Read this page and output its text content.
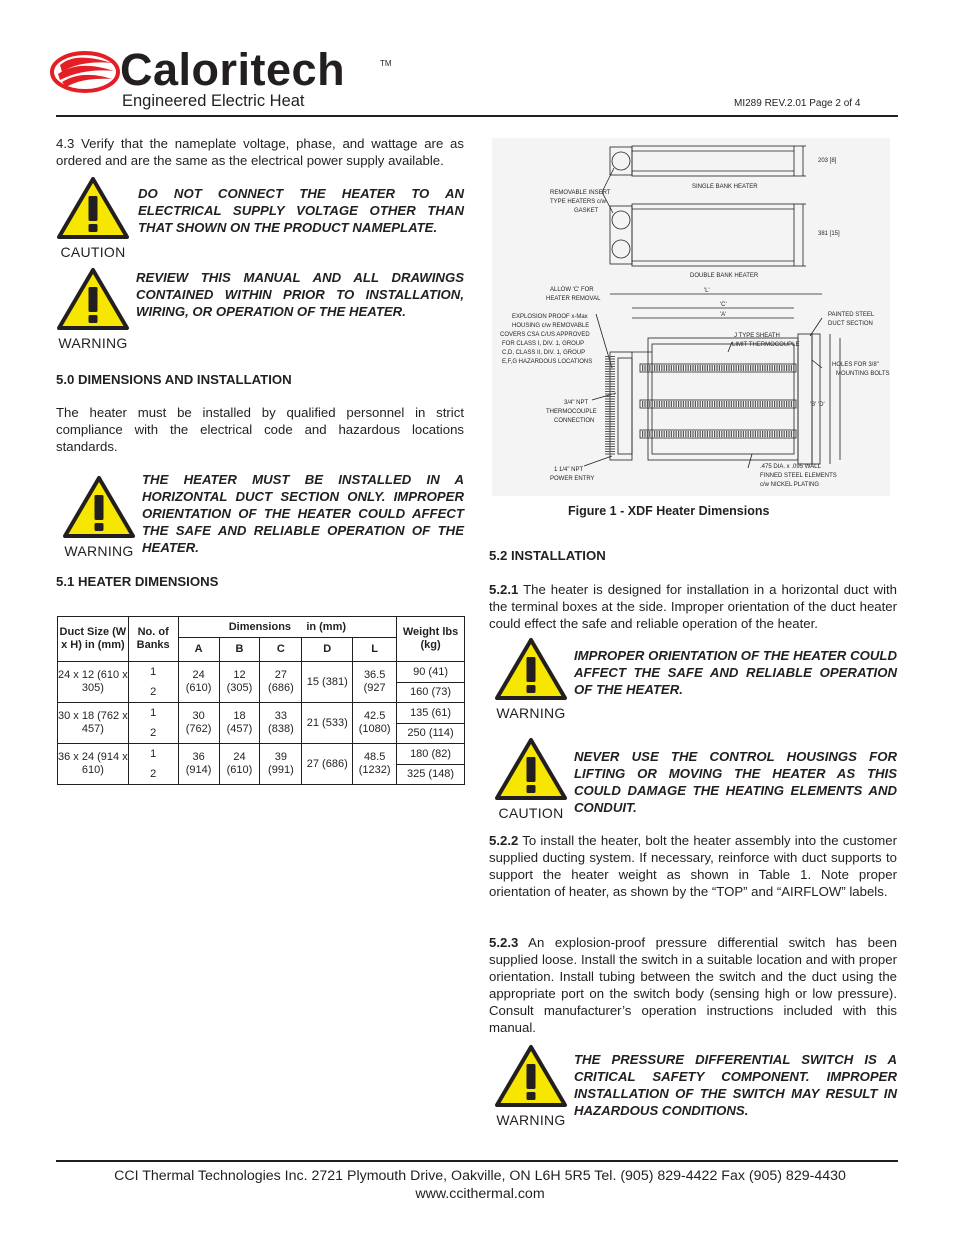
Caloritech	TM
Engineered Electric Heat	MI289 REV.2.01 Page 2 of 4

4.3 Verify that the nameplate voltage, phase, and wattage are as ordered and are the same as the electrical power supply available.

CAUTION

DO NOT CONNECT THE HEATER TO AN ELECTRICAL SUPPLY VOLTAGE OTHER THAN THAT SHOWN ON THE PRODUCT NAMEPLATE.

WARNING

REVIEW THIS MANUAL AND ALL DRAWINGS CONTAINED WITHIN PRIOR TO INSTALLATION, WIRING, OR OPERATION OF THE HEATER.

5.0 DIMENSIONS AND INSTALLATION

The heater must be installed by qualified personnel in strict compliance with the electrical code and hazardous locations standards.

WARNING

THE HEATER MUST BE INSTALLED IN A HORIZONTAL DUCT SECTION ONLY. IMPROPER ORIENTATION OF THE HEATER COULD AFFECT THE SAFE AND RELIABLE OPERATION OF THE HEATER.

5.1 HEATER DIMENSIONS
Duct Size (W x H) in (mm)	No. of Banks	Dimensions     in (mm)					Weight lbs (kg)
		A	B	C	D	L	
24 x 12 (610 x 305)	1	24 (610)	12 (305)	27 (686)	15 (381)	36.5 (927	90 (41)
	2						160 (73)
30 x 18 (762 x 457)	1	30 (762)	18 (457)	33 (838)	21 (533)	42.5 (1080)	135 (61)
	2						250 (114)
36 x 24 (914 x 610)	1	36 (914)	24 (610)	39 (991)	27 (686)	48.5 (1232)	180 (82)
	2						325 (148)
203 [8]
381 [15]
SINGLE BANK HEATER
DOUBLE BANK HEATER
REMOVABLE INSERT
TYPE HEATERS c/w
GASKET
ALLOW 'C' FOR
HEATER REMOVAL
'L'
'C'
'A'	PAINTED STEEL
DUCT SECTION
EXPLOSION PROOF x-Max
HOUSING c/w REMOVABLE
COVERS CSA C/US APPROVED
FOR CLASS I, DIV. 1, GROUP
C,D, CLASS II, DIV. 1, GROUP
E,F,G HAZARDOUS LOCATIONS
J TYPE SHEATH
LIMIT THERMOCOUPLE
HOLES FOR 3/8"
MOUNTING BOLTS
'B' 'D'
3/4" NPT
THERMOCOUPLE
CONNECTION
1 1/4" NPT
POWER ENTRY
.475 DIA. x .095 WALL
FINNED STEEL ELEMENTS
c/w NICKEL PLATING
Figure 1 - XDF Heater Dimensions
5.2 INSTALLATION

5.2.1 The heater is designed for installation in a horizontal duct with the terminal boxes at the side. Improper orientation of the duct heater could effect the safe and reliable operation of the heater.

WARNING

IMPROPER ORIENTATION OF THE HEATER COULD AFFECT THE SAFE AND RELIABLE OPERATION OF THE HEATER.

CAUTION

NEVER USE THE CONTROL HOUSINGS FOR LIFTING OR MOVING THE HEATER AS THIS COULD DAMAGE THE HEATING ELEMENTS AND CONDUIT.

5.2.2 To install the heater, bolt the heater assembly into the customer supplied ducting system. If necessary, reinforce with duct supports to support the heater weight as shown in Table 1. Note proper orientation of heater, as shown by the “TOP” and “AIRFLOW” labels.

5.2.3 An explosion-proof pressure differential switch has been supplied loose. Install the switch in a suitable location and with proper orientation. Install tubing between the switch and the duct using the appropriate port on the switch body (sensing high or low pressure). Consult manufacturer’s operation instructions included with this manual.

WARNING

THE PRESSURE DIFFERENTIAL SWITCH IS A CRITICAL SAFETY COMPONENT. IMPROPER INSTALLATION OF THE SWITCH MAY RESULT IN HAZARDOUS CONDITIONS.

CCI Thermal Technologies Inc. 2721 Plymouth Drive, Oakville, ON L6H 5R5 Tel. (905) 829-4422 Fax (905) 829-4430
www.ccithermal.com
